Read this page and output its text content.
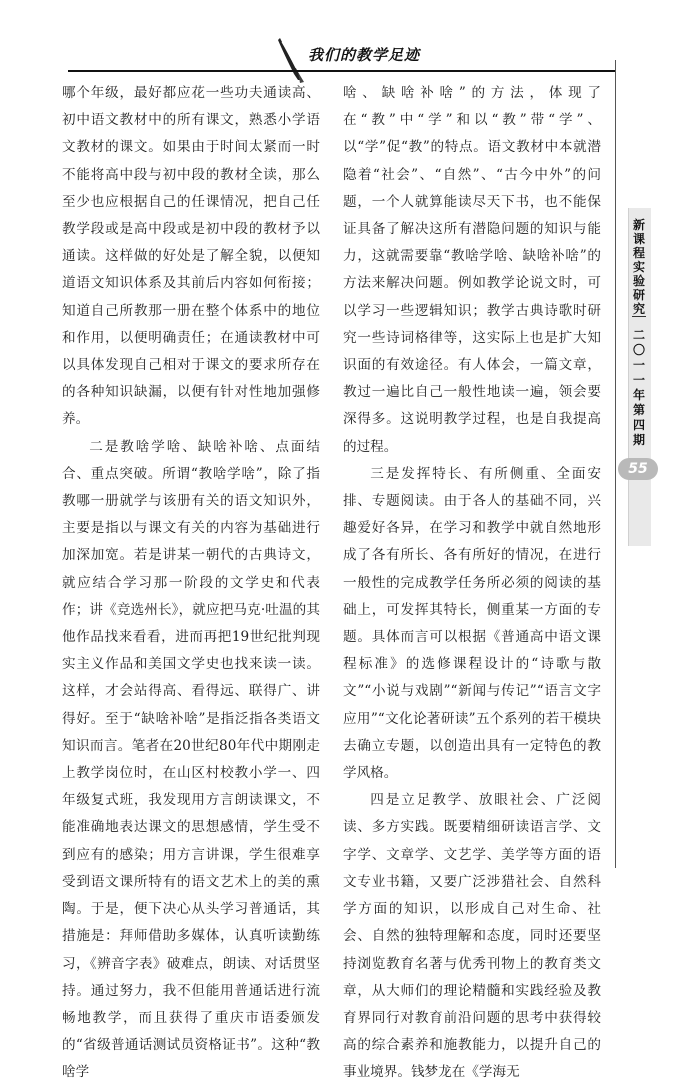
我们的教学足迹

哪个年级，最好都应花一些功夫通读高、初中语文教材中的所有课文，熟悉小学语文教材的课文。如果由于时间太紧而一时不能将高中段与初中段的教材全读，那么至少也应根据自己的任课情况，把自己任教学段或是高中段或是初中段的教材予以通读。这样做的好处是了解全貌，以便知道语文知识体系及其前后内容如何衔接；知道自己所教那一册在整个体系中的地位和作用，以便明确责任；在通读教材中可以具体发现自己相对于课文的要求所存在的各种知识缺漏，以便有针对性地加强修养。

二是教啥学啥、缺啥补啥、点面结合、重点突破。所谓“教啥学啥”，除了指教哪一册就学与该册有关的语文知识外，主要是指以与课文有关的内容为基础进行加深加宽。若是讲某一朝代的古典诗文，就应结合学习那一阶段的文学史和代表作；讲《竞选州长》，就应把马克·吐温的其他作品找来看看，进而再把19世纪批判现实主义作品和美国文学史也找来读一读。这样，才会站得高、看得远、联得广、讲得好。至于“缺啥补啥”是指泛指各类语文知识而言。笔者在20世纪80年代中期刚走上教学岗位时，在山区村校教小学一、四年级复式班，我发现用方言朗读课文，不能准确地表达课文的思想感情，学生受不到应有的感染；用方言讲课，学生很难享受到语文课所特有的语文艺术上的美的熏陶。于是，便下决心从头学习普通话，其措施是：拜师借助多媒体，认真听读勤练习，《辨音字表》破难点，朗读、对话贯坚持。通过努力，我不但能用普通话进行流畅地教学，而且获得了重庆市语委颁发的“省级普通话测试员资格证书”。这种“教啥学

啥、缺啥补啥”的方法，体现了在“教”中“学”和以“教”带“学”、以“学”促“教”的特点。语文教材中本就潜隐着“社会”、“自然”、“古今中外”的问题，一个人就算能读尽天下书，也不能保证具备了解决这所有潜隐问题的知识与能力，这就需要靠“教啥学啥、缺啥补啥”的方法来解决问题。例如教学论说文时，可以学习一些逻辑知识；教学古典诗歌时研究一些诗词格律等，这实际上也是扩大知识面的有效途径。有人体会，一篇文章，教过一遍比自己一般性地读一遍，领会要深得多。这说明教学过程，也是自我提高的过程。

三是发挥特长、有所侧重、全面安排、专题阅读。由于各人的基础不同，兴趣爱好各异，在学习和教学中就自然地形成了各有所长、各有所好的情况，在进行一般性的完成教学任务所必须的阅读的基础上，可发挥其特长，侧重某一方面的专题。具体而言可以根据《普通高中语文课程标准》的选修课程设计的“诗歌与散文”“小说与戏剧”“新闻与传记”“语言文字应用”“文化论著研读”五个系列的若干模块去确立专题，以创造出具有一定特色的教学风格。

四是立足教学、放眼社会、广泛阅读、多方实践。既要精细研读语言学、文字学、文章学、文艺学、美学等方面的语文专业书籍，又要广泛涉猎社会、自然科学方面的知识，以形成自己对生命、社会、自然的独特理解和态度，同时还要坚持浏览教育名著与优秀刊物上的教育类文章，从大师们的理论精髓和实践经验及教育界同行对教育前沿问题的思考中获得较高的综合素养和施教能力，以提升自己的事业境界。钱梦龙在《学海无

新
课
程
实
验
研
究
二
〇
一
一
年
第
四
期
55
